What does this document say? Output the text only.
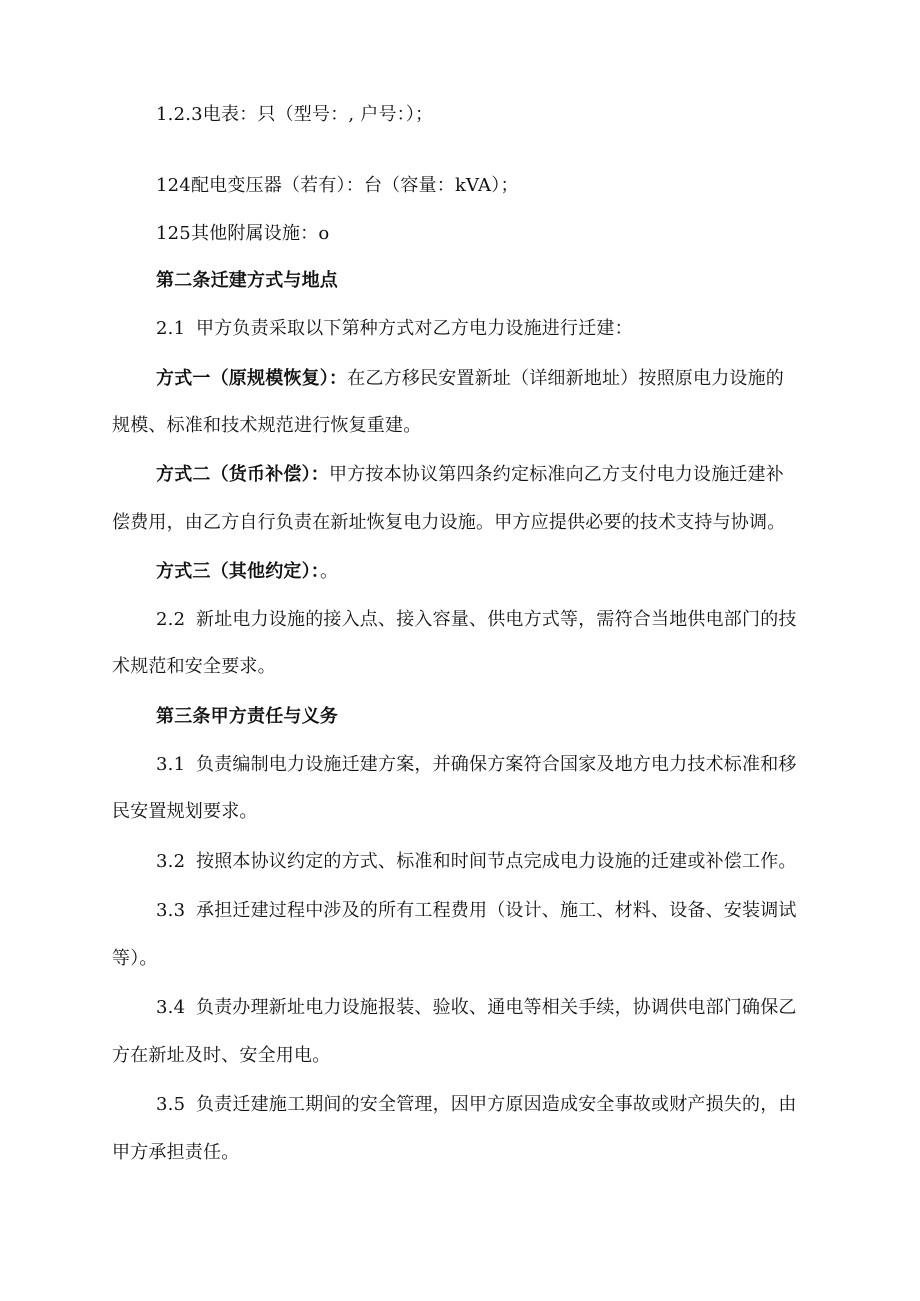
1.2.3电表：只（型号：, 户号：）；
124配电变压器（若有）：台（容量：kVA）；
125其他附属设施：o
第二条迁建方式与地点
2.1 甲方负责采取以下第种方式对乙方电力设施进行迁建：
方式一（原规模恢复）：在乙方移民安置新址（详细新地址）按照原电力设施的
规模、标准和技术规范进行恢复重建。
方式二（货币补偿）：甲方按本协议第四条约定标准向乙方支付电力设施迁建补
偿费用，由乙方自行负责在新址恢复电力设施。甲方应提供必要的技术支持与协调。
方式三（其他约定）：。
2.2 新址电力设施的接入点、接入容量、供电方式等，需符合当地供电部门的技
术规范和安全要求。
第三条甲方责任与义务
3.1 负责编制电力设施迁建方案，并确保方案符合国家及地方电力技术标准和移
民安置规划要求。
3.2 按照本协议约定的方式、标准和时间节点完成电力设施的迁建或补偿工作。
3.3 承担迁建过程中涉及的所有工程费用（设计、施工、材料、设备、安装调试
等）。
3.4 负责办理新址电力设施报装、验收、通电等相关手续，协调供电部门确保乙
方在新址及时、安全用电。
3.5 负责迁建施工期间的安全管理，因甲方原因造成安全事故或财产损失的，由
甲方承担责任。
